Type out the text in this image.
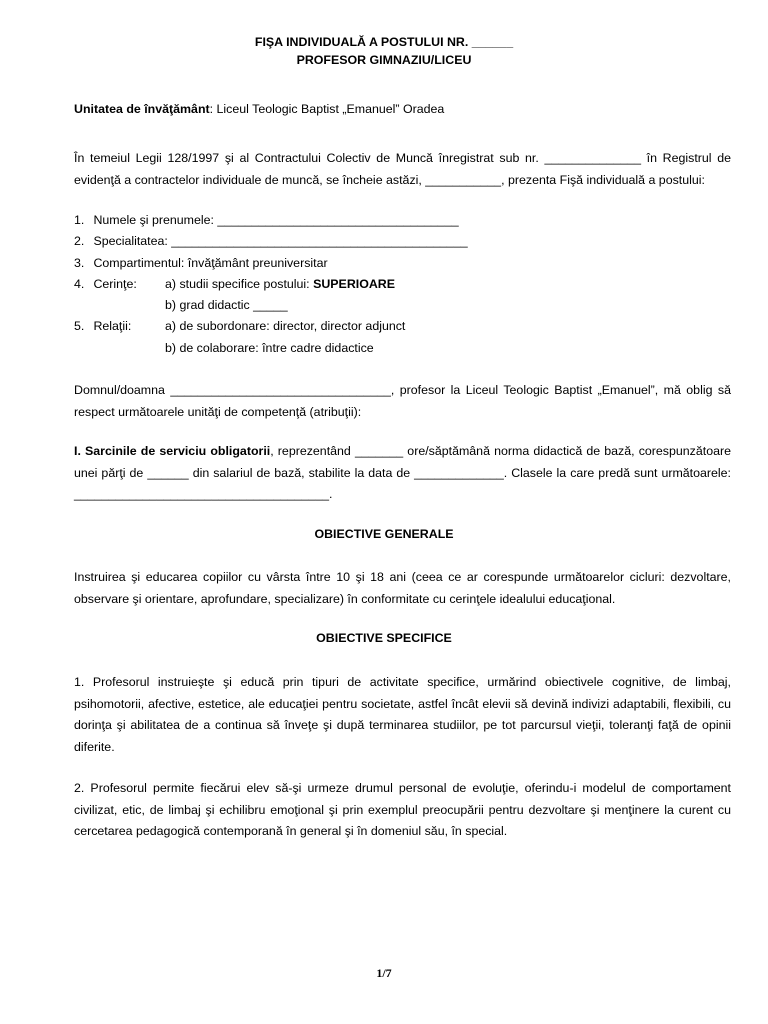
FIŞA INDIVIDUALĂ A POSTULUI NR. ______
PROFESOR GIMNAZIU/LICEU
Unitatea de învăţământ: Liceul Teologic Baptist „Emanuel” Oradea
În temeiul Legii 128/1997 şi al Contractului Colectiv de Muncă înregistrat sub nr. ______________ în Registrul de evidenţă a contractelor individuale de muncă, se încheie astăzi, ___________, prezenta Fişă individuală a postului:
1. Numele şi prenumele: ___________________________________
2. Specialitatea: ___________________________________________
3. Compartimentul: învăţământ preuniversitar
4. Cerinţe: a) studii specifice postului: SUPERIOARE
b) grad didactic _____
5. Relaţii:	a) de subordonare: director, director adjunct
b) de colaborare: între cadre didactice
Domnul/doamna ________________________________, profesor la Liceul Teologic Baptist „Emanuel”, mă oblig să respect următoarele unităţi de competenţă (atribuţii):
I. Sarcinile de serviciu obligatorii, reprezentând _______ ore/săptămână norma didactică de bază, corespunzătoare unei părţi de ______ din salariul de bază, stabilite la data de _____________. Clasele la care predă sunt următoarele: _____________________________________.
OBIECTIVE GENERALE
Instruirea şi educarea copiilor cu vârsta între 10 şi 18 ani (ceea ce ar corespunde următoarelor cicluri: dezvoltare, observare şi orientare, aprofundare, specializare) în conformitate cu cerinţele idealului educaţional.
OBIECTIVE SPECIFICE
1. Profesorul instruieşte şi educă prin tipuri de activitate specifice, urmărind obiectivele cognitive, de limbaj, psihomotorii, afective, estetice, ale educaţiei pentru societate, astfel încât elevii să devină indivizi adaptabili, flexibili, cu dorinţa şi abilitatea de a continua să înveţe şi după terminarea studiilor, pe tot parcursul vieţii, toleranţi faţă de opinii diferite.
2. Profesorul permite fiecărui elev să-şi urmeze drumul personal de evoluţie, oferindu-i modelul de comportament civilizat, etic, de limbaj şi echilibru emoţional şi prin exemplul preocupării pentru dezvoltare şi menţinere la curent cu cercetarea pedagogică contemporană în general şi în domeniul său, în special.
1/7
